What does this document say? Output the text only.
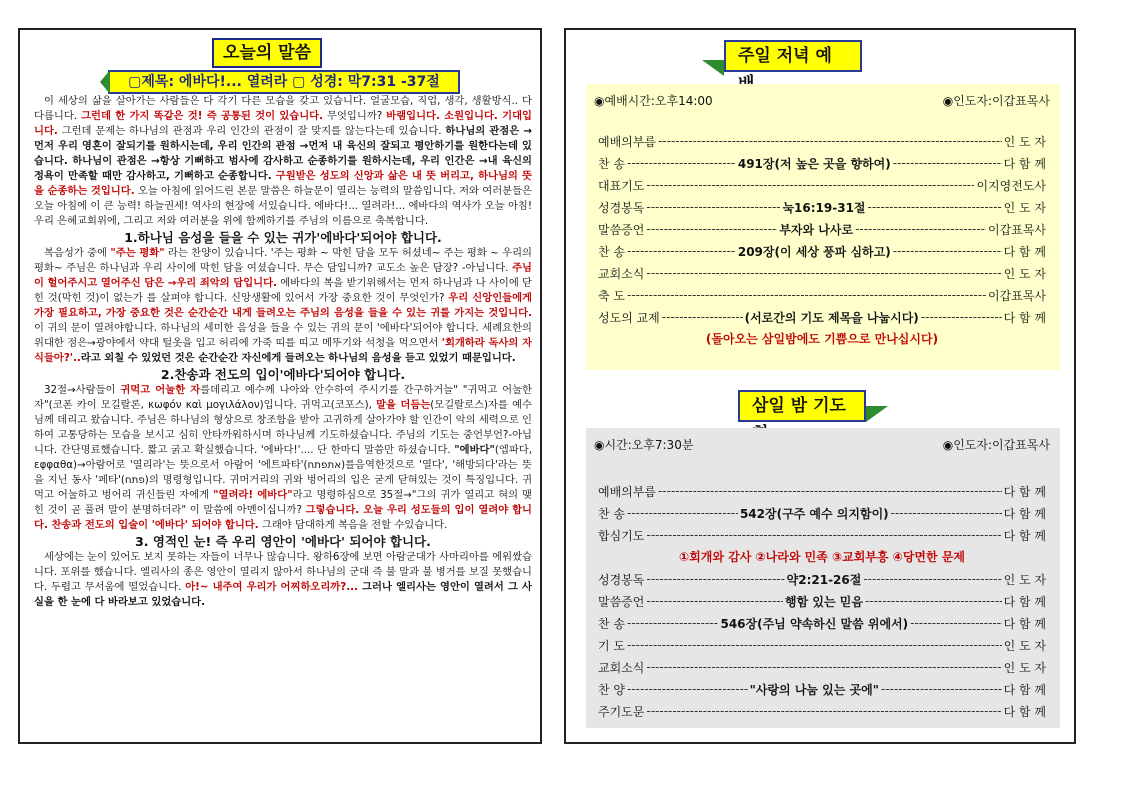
오늘의 말씀
▢제목: 에바다!... 열려라 ▢ 성경: 막7:31 -37절

이 세상의 삶을 살아가는 사람들은 다 각기 다른 모습을 갖고 있습니다. 얼굴모습, 직업, 생각, 생활방식.. 다 다릅니다. 그런데 한 가지 똑같은 것! 즉 공통된 것이 있습니다. 무엇입니까? 바램입니다. 소원입니다. 기대입니다. 그런데 문제는 하나님의 관점과 우리 인간의 관점이 잘 맞지를 않는다는데 있습니다. 하나님의 관점은 →먼저 우리 영혼이 잘되기를 원하시는데, 우리 인간의 관점 →먼저 내 육신의 잘되고 평안하기를 원한다는데 있습니다. 하나님이 관점은 →항상 기뻐하고 범사에 감사하고 순종하기를 원하시는데, 우리 인간은 →내 육신의 정욕이 만족할 때만 감사하고, 기뻐하고 순종합니다. 구원받은 성도의 신앙과 삶은 내 뜻 버리고, 하나님의 뜻을 순종하는 것입니다. 오늘 아침에 읽어드린 본문 말씀은 하늘문이 열리는 능력의 말씀입니다. 저와 여러분들은 오늘 아침에 이 큰 능력! 하늘권세! 역사의 현장에 서있습니다. 에바다!... 열려라!... 에바다의 역사가 오늘 아침! 우리 은혜교회위에, 그리고 저와 여러분을 위에 함께하기를 주님의 이름으로 축복합니다.

1.하나님 음성을 들을 수 있는 귀가'에바다'되어야 합니다.

복음성가 중에 "주는 평화" 라는 찬양이 있습니다. '주는 평화 ~ 막힌 담을 모두 허셨네~ 주는 평화 ~ 우리의 평화~ 주님은 하나님과 우리 사이에 막힌 담을 여셨습니다. 무슨 담입니까? 교도소 높은 담장? -아닙니다. 주님이 헐어주시고 열어주신 담은 →우리 죄악의 담입니다. 에바다의 복을 받기위해서는 먼저 하나님과 나 사이에 닫힌 것(막힌 것)이 없는가 를 살펴야 합니다. 신앙생활에 있어서 가장 중요한 것이 무엇인가? 우리 신앙인들에게 가장 필요하고, 가장 중요한 것은 순간순간 내게 들려오는 주님의 음성을 들을 수 있는 귀를 가지는 것입니다. 이 귀의 문이 열려야합니다. 하나님의 세미한 음성을 들을 수 있는 귀의 문이 '에바다'되어야 합니다. 세례요한의 위대한 점은→광야에서 약대 털옷을 입고 허리에 가죽 띠를 띠고 메뚜기와 석청을 먹으면서 '회개하라 독사의 자식들아?'..라고 외칠 수 있었던 것은 순간순간 자신에게 들려오는 하나님의 음성을 듣고 있었기 때문입니다.

2.찬송과 전도의 입이'에바다'되어야 합니다.

32절→사람들이 귀먹고 어눌한 자를데리고 예수께 나아와 안수하여 주시기를 간구하거늘" "귀먹고 어눌한 자"(코폰 카이 모길랄론, κωφόν καὶ μογιλάλον)입니다. 귀먹고(코포스), 말을 더듬는(모길랄로스)자를 예수님께 데리고 왔습니다. 주님은 하나님의 형상으로 창조함을 받아 고귀하게 살아가야 할 인간이 악의 세력으로 인하여 고통당하는 모습을 보시고 심히 안타까워하시며 하나님께 기도하셨습니다. 주님의 기도는 중언부언?-아닙니다. 간단명료했습니다. 짧고 굵고 확실했습니다. '에바다!'.... 단 한마디 말씀만 하셨습니다. "에바다"(엡파다, εφφαθα)→아람어로 '열리라'는 뜻으로서 아람어 '에트파타'(אתפתח)를음역한것으로 '열다', '해방되다'라는 뜻을 지닌 동사 '페타'(פתח)의 명령형입니다. 귀머거리의 귀와 벙어리의 입은 굳게 닫혀있는 것이 특징입니다. 귀먹고 어눌하고 벙어리 귀신들린 자에게 "열려라! 에바다"라고 명령하심으로 35절→"그의 귀가 열리고 혀의 맺힌 것이 곧 풀려 말이 분명하더라" 이 말씀에 아멘이십니까? 그렇습니다. 오늘 우리 성도들의 입이 열려야 합니다. 찬송과 전도의 입술이 '에바다' 되어야 합니다. 그래야 담대하게 복음을 전할 수있습니다.

3. 영적인 눈! 즉 우리 영안이 '에바다' 되어야 합니다.

세상에는 눈이 있어도 보지 못하는 자들이 너무나 많습니다. 왕하6장에 보면 아람군대가 사마리아를 에워쌌습니다. 포위를 했습니다. 엘리사의 종은 영안이 열리지 않아서 하나님의 군대 즉 불 말과 불 병거를 보질 못했습니다. 두렵고 무서움에 떨었습니다. 아!~ 내주여 우리가 어찌하오리까?... 그러나 엘리사는 영안이 열려서 그 사실을 한 눈에 다 바라보고 있었습니다.

주일 저녁 예
◉예배시간:오후14:00	◉인도자:이갑표목사
예배의부름 -----	인 도 자
찬 송 -----	491장(저 높은 곳을 향하여) -----	다 함 께
대표기도 -----	이지영전도사
성경봉독 -----	눅16:19-31절 -----	인 도 자
말씀증언 -----	부자와 나사로 -----	이갑표목사
찬 송 -----	209장(이 세상 풍파 심하고) -----	다 함 께
교회소식 -----	인 도 자
축 도 -----	이갑표목사
성도의 교제 -----	(서로간의 기도 제목을 나눕시다) -----	다 함 께
(돌아오는 삼일밤에도 기쁨으로 만나십시다)
삼일 밤 기도
◉시간:오후7:30분	◉인도자:이갑표목사
예배의부름 -----	다 함 께
찬 송 -----	542장(구주 예수 의지함이) -----	다 함 께
합심기도 -----	다 함 께
①회개와 감사 ②나라와 민족 ③교회부흥 ④당면한 문제
성경봉독 -----	약2:21-26절 -----	인 도 자
말씀증언 -----	행함 있는 믿음 -----	다 함 께
찬 송 -----	546장(주님 약속하신 말씀 위에서) -----	다 함 께
기 도 -----	인 도 자
교회소식 -----	인 도 자
찬 양 -----	"사랑의 나눔 있는 곳에" -----	다 함 께
주기도문 -----	다 함 께
